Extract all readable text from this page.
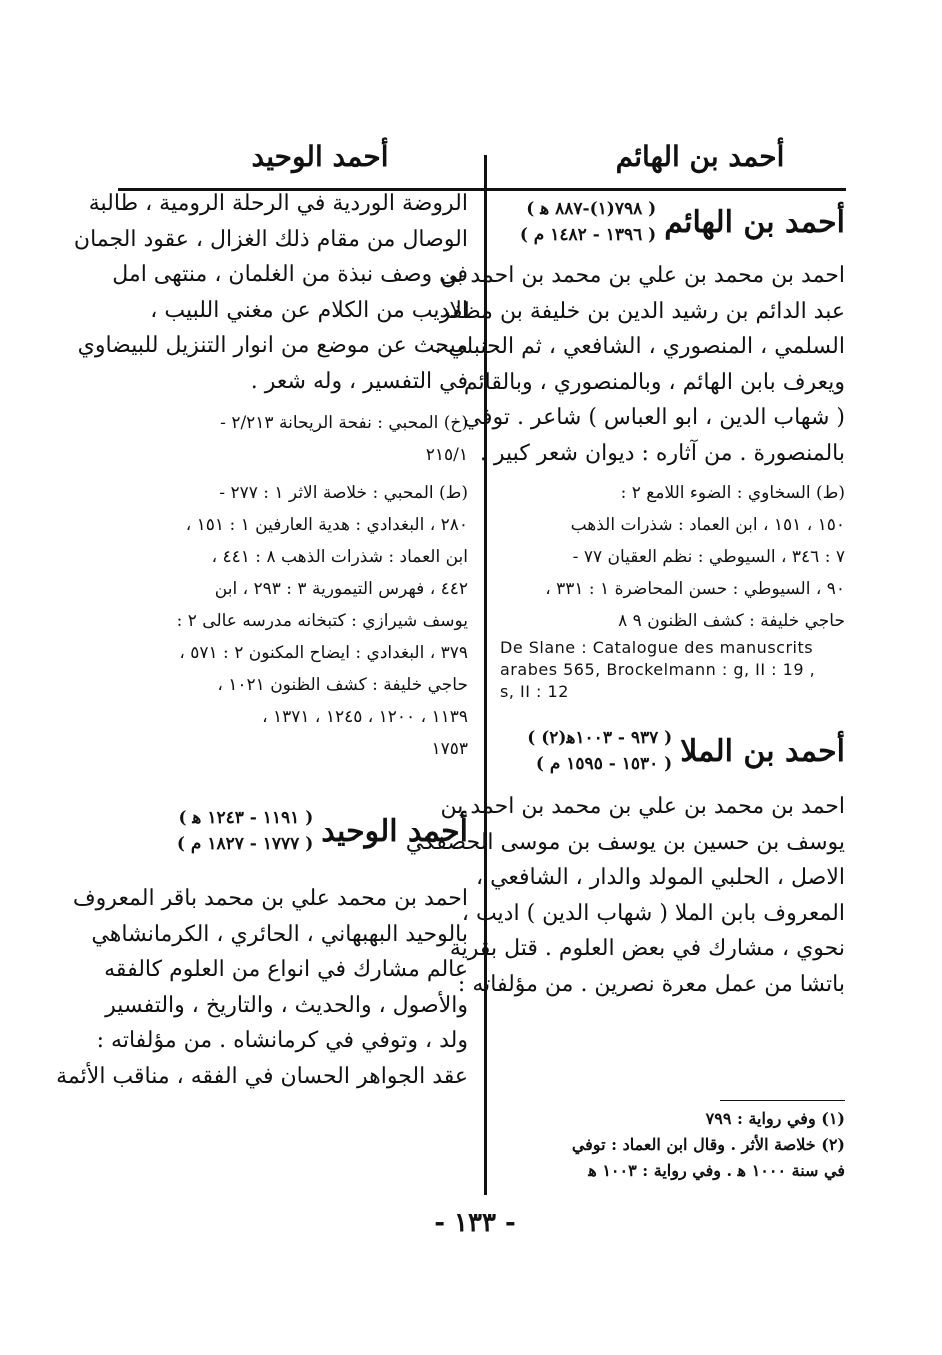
أحمد بن الهائم
أحمد الوحيد
أحمد بن الهائم
( ٧٩٨(١)-٨٨٧ ﻫ )
( ١٣٩٦ - ١٤٨٢ م )
احمد بن محمد بن علي بن محمد بن احمد بن
عبد الدائم بن رشيد الدين بن خليفة بن مظفر
السلمي ، المنصوري ، الشافعي ، ثم الحنبلي ،
ويعرف بابن الهائم ، وبالمنصوري ، وبالقائم
( شهاب الدين ، ابو العباس ) شاعر . توفي
بالمنصورة . من آثاره : ديوان شعر كبير .
(ط) السخاوي : الضوء اللامع ٢ :
١٥٠ ، ١٥١ ، ابن العماد : شذرات الذهب
٧ : ٣٤٦ ، السيوطي : نظم العقيان ٧٧ -
٩٠ ، السيوطي : حسن المحاضرة ١ : ٣٣١ ،
حاجي خليفة : كشف الظنون ٩ ٨
De Slane : Catalogue des manuscrits
arabes 565, Brockelmann : g, II : 19 ,
s, II : 12
أحمد بن الملا
( ٩٣٧ - ١٠٠٣ﻫ(٢) )
( ١٥٣٠ - ١٥٩٥ م )
احمد بن محمد بن علي بن محمد بن احمد بن
يوسف بن حسين بن يوسف بن موسى الحصفكي
الاصل ، الحلبي المولد والدار ، الشافعي ،
المعروف بابن الملا ( شهاب الدين ) اديب ،
نحوي ، مشارك في بعض العلوم . قتل بقرية
باتشا من عمل معرة نصرين . من مؤلفاته :
(١) وفي رواية : ٧٩٩
(٢) خلاصة الأثر . وقال ابن العماد : توفي
في سنة ١٠٠٠ ﻫ . وفي رواية : ١٠٠٣ ﻫ
الروضة الوردية في الرحلة الرومية ، طالبة
الوصال من مقام ذلك الغزال ، عقود الجمان
في وصف نبذة من الغلمان ، منتهى امل
الاديب من الكلام عن مغني اللبيب ،
مبحث عن موضع من انوار التنزيل للبيضاوي
في التفسير ، وله شعر .
(خ) المحبي : نفحة الريحانة ٢/٢١٣ -
٢١٥/١
(ط) المحبي : خلاصة الاثر ١ : ٢٧٧ -
٢٨٠ ، البغدادي : هدية العارفين ١ : ١٥١ ،
ابن العماد : شذرات الذهب ٨ : ٤٤١ ،
٤٤٢ ، فهرس التيمورية ٣ : ٢٩٣ ، ابن
يوسف شيرازي : كتبخانه مدرسه عالى ٢ :
٣٧٩ ، البغدادي : ايضاح المكنون ٢ : ٥٧١ ،
حاجي خليفة : كشف الظنون ١٠٢١ ،
١١٣٩ ، ١٢٠٠ ، ١٢٤٥ ، ١٣٧١ ،
١٧٥٣
أحمد الوحيد
( ١١٩١ - ١٢٤٣ ﻫ )
( ١٧٧٧ - ١٨٢٧ م )
احمد بن محمد علي بن محمد باقر المعروف
بالوحيد البهبهاني ، الحائري ، الكرمانشاهي
عالم مشارك في انواع من العلوم كالفقه
والأصول ، والحديث ، والتاريخ ، والتفسير
ولد ، وتوفي في كرمانشاه . من مؤلفاته :
عقد الجواهر الحسان في الفقه ، مناقب الأئمة
- ١٣٣ -
